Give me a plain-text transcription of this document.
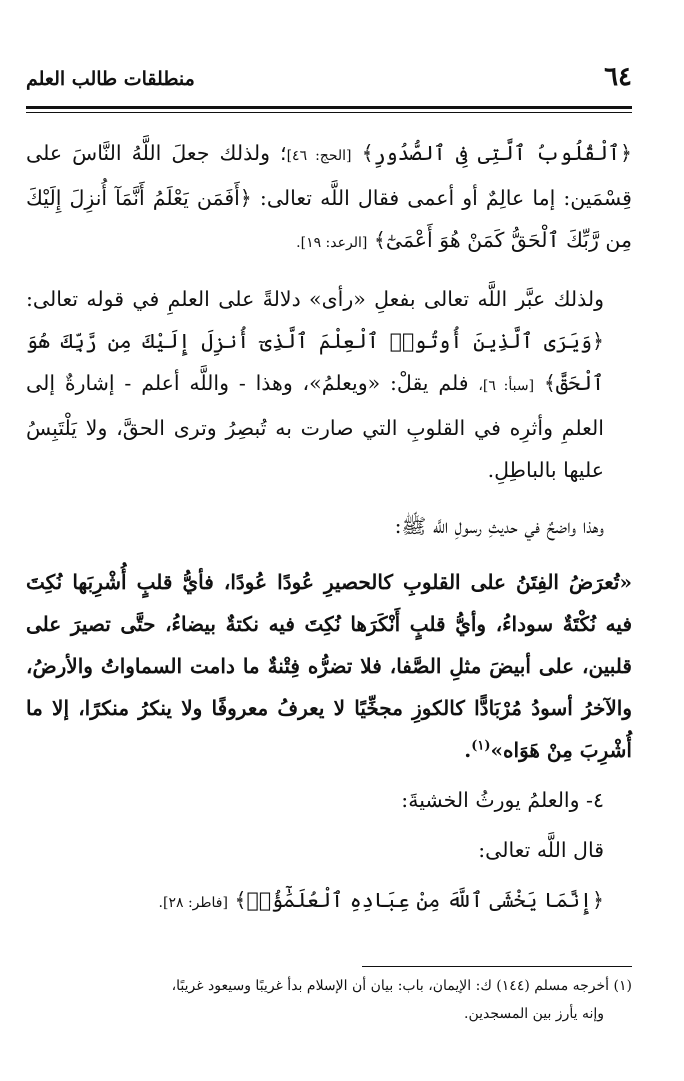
٦٤
منطلقات طالب العلم

﴿ٱلْقُلُوبُ ٱلَّتِى فِى ٱلصُّدُورِ﴾ [الحج: ٤٦]؛ ولذلك جعلَ اللَّهُ النَّاسَ على قِسْمَين: إما عالِمٌ أو أعمى فقال اللَّه تعالى: ﴿أَفَمَن يَعْلَمُ أَنَّمَآ أُنزِلَ إِلَيْكَ مِن رَّبِّكَ ٱلْحَقُّ كَمَنْ هُوَ أَعْمَىٰٓ﴾ [الرعد: ١٩].

ولذلك عبَّر اللَّه تعالى بفعلِ «رأى» دلالةً على العلمِ في قوله تعالى: ﴿وَيَرَى ٱلَّذِينَ أُوتُوا۟ ٱلْعِلْمَ ٱلَّذِىٓ أُنزِلَ إِلَيْكَ مِن رَّبِّكَ هُوَ ٱلْحَقَّ﴾ [سبأ: ٦]، فلم يقلْ: «ويعلمُ»، وهذا - واللَّه أعلم - إشارةٌ إلى العلمِ وأثرِه في القلوبِ التي صارت به تُبصِرُ وترى الحقَّ، ولا يَلْتَبِسُ عليها بالباطِلِ.

وهذا واضحٌ في حديثِ رسولِ اللَّه ﷺ:

«تُعرَضُ الفِتَنُ على القلوبِ كالحصيرِ عُودًا عُودًا، فأيُّ قلبٍ أُشْرِبَها نُكِتَ فيه نُكْتَةٌ سوداءُ، وأيُّ قلبٍ أَنْكَرَها نُكِتَ فيه نكتةٌ بيضاءُ، حتَّى تصيرَ على قلبين، على أبيضَ مثلِ الصَّفا، فلا تضرُّه فِتْنةٌ ما دامت السماواتُ والأرضُ، والآخرُ أسودُ مُرْبَادًّا كالكوزِ مجخِّيًا لا يعرفُ معروفًا ولا ينكرُ منكرًا، إلا ما أُشْرِبَ مِنْ هَوَاه»$^{(١)}$.

٤- والعلمُ يورثُ الخشيةَ:

قال اللَّه تعالى:

﴿إِنَّمَا يَخْشَى ٱللَّهَ مِنْ عِبَادِهِ ٱلْعُلَمَٰٓؤُا۟﴾ [فاطر: ٢٨].

(١) أخرجه مسلم (١٤٤) ك: الإيمان، باب: بيان أن الإسلام بدأ غريبًا وسيعود غريبًا،

وإنه يأرز بين المسجدين.
